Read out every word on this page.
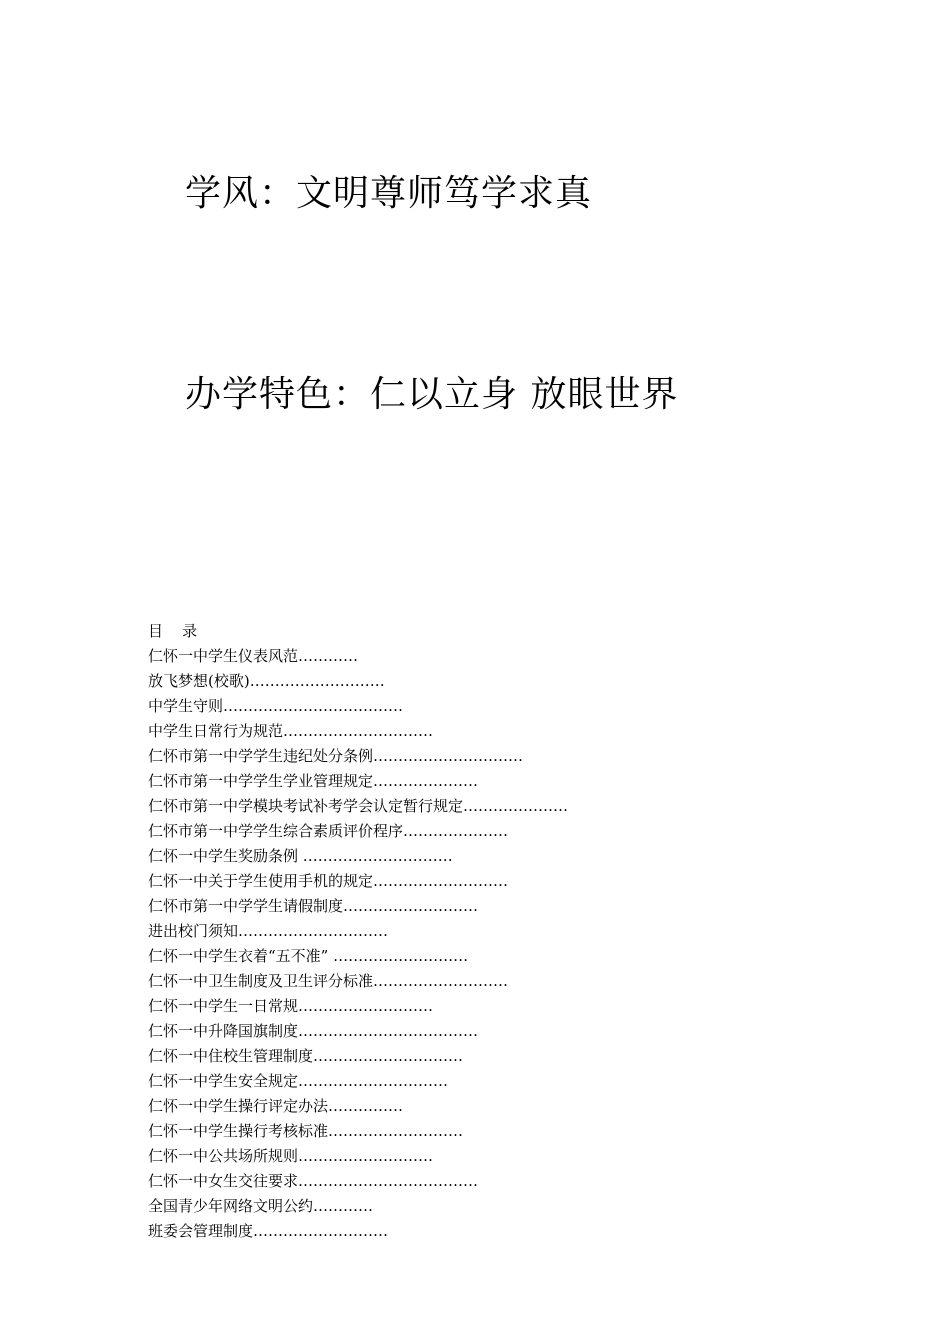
学风：文明尊师笃学求真
办学特色：仁以立身 放眼世界
目    录
仁怀一中学生仪表风范…………
放飞梦想(校歌)………………………
中学生守则………………………………
中学生日常行为规范…………………………
仁怀市第一中学学生违纪处分条例…………………………
仁怀市第一中学学生学业管理规定…………………
仁怀市第一中学模块考试补考学会认定暂行规定…………………
仁怀市第一中学学生综合素质评价程序…………………
仁怀一中学生奖励条例 …………………………
仁怀一中关于学生使用手机的规定………………………
仁怀市第一中学学生请假制度………………………
进出校门须知…………………………
仁怀一中学生衣着“五不准” ………………………
仁怀一中卫生制度及卫生评分标准………………………
仁怀一中学生一日常规………………………
仁怀一中升降国旗制度………………………………
仁怀一中住校生管理制度…………………………
仁怀一中学生安全规定…………………………
仁怀一中学生操行评定办法……………
仁怀一中学生操行考核标准………………………
仁怀一中公共场所规则………………………
仁怀一中女生交往要求………………………………
全国青少年网络文明公约…………
班委会管理制度………………………
